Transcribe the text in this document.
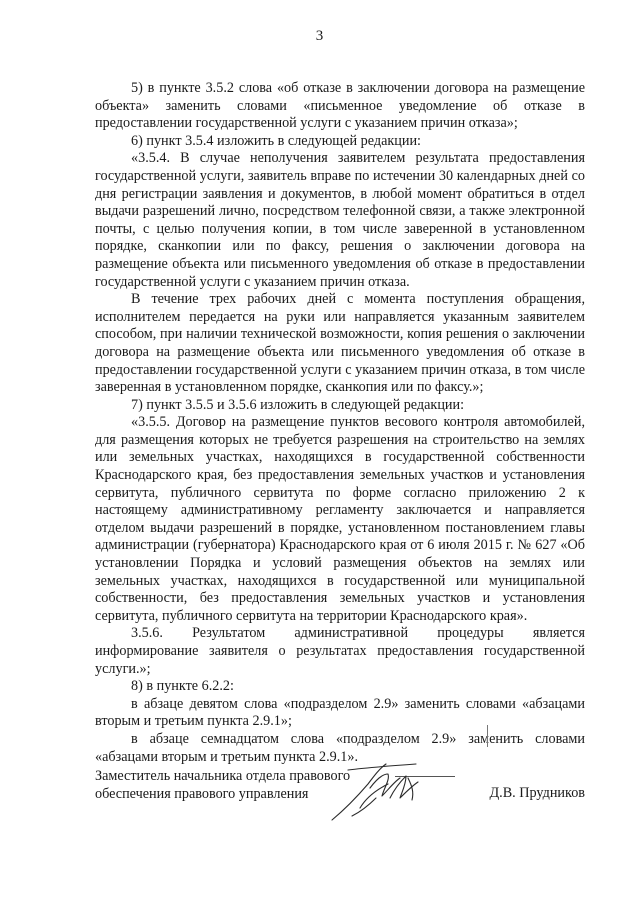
3

5) в пункте 3.5.2 слова «об отказе в заключении договора на размещение объекта» заменить словами «письменное уведомление об отказе в предоставлении государственной услуги с указанием причин отказа»;

6) пункт 3.5.4 изложить в следующей редакции:

«3.5.4. В случае неполучения заявителем результата предоставления государственной услуги, заявитель вправе по истечении 30 календарных дней со дня регистрации заявления и документов, в любой момент обратиться в отдел выдачи разрешений лично, посредством телефонной связи, а также электронной почты, с целью получения копии, в том числе заверенной в установленном порядке, сканкопии или по факсу, решения о заключении договора на размещение объекта или письменного уведомления об отказе в предоставлении государственной услуги с указанием причин отказа.

В течение трех рабочих дней с момента поступления обращения, исполнителем передается на руки или направляется указанным заявителем способом, при наличии технической возможности, копия решения о заключении договора на размещение объекта или письменного уведомления об отказе в предоставлении государственной услуги с указанием причин отказа, в том числе заверенная в установленном порядке, сканкопия или по факсу.»;

7) пункт 3.5.5 и 3.5.6 изложить в следующей редакции:

«3.5.5. Договор на размещение пунктов весового контроля автомобилей, для размещения которых не требуется разрешения на строительство на землях или земельных участках, находящихся в государственной собственности Краснодарского края, без предоставления земельных участков и установления сервитута, публичного сервитута по форме согласно приложению 2 к настоящему административному регламенту заключается и направляется отделом выдачи разрешений в порядке, установленном постановлением главы администрации (губернатора) Краснодарского края от 6 июля 2015 г. № 627 «Об установлении Порядка и условий размещения объектов на землях или земельных участках, находящихся в государственной или муниципальной собственности, без предоставления земельных участков и установления сервитута, публичного сервитута на территории Краснодарского края».

3.5.6. Результатом административной процедуры является информирование заявителя о результатах предоставления государственной услуги.»;

8) в пункте 6.2.2:

в абзаце девятом слова «подразделом 2.9» заменить словами «абзацами вторым и третьим пункта 2.9.1»;

в абзаце семнадцатом слова «подразделом 2.9» заменить словами «абзацами вторым и третьим пункта 2.9.1».

Заместитель начальника отдела правового
обеспечения правового управления	Д.В. Прудников
